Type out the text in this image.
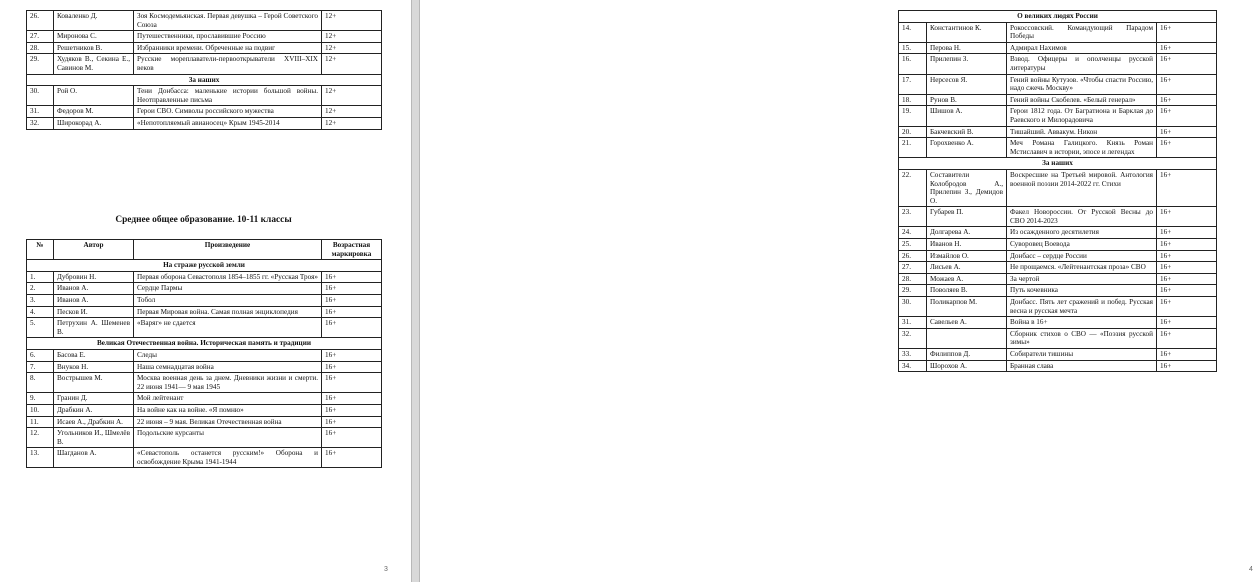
26.	Коваленко Д.	Зоя Космодемьянская. Первая девушка – Герой Советского Союза	12+
27.	Миронова С.	Путешественники, прославившие Россию	12+
28.	Решетников В.	Избранники времени. Обреченные на подвиг	12+
29.	Худяков В., Секина Е., Савинов М.	Русские мореплаватели-первооткрыватели XVIII–XIX веков	12+
За наших			
30.	Рой О.	Тени Донбасса: маленькие истории большой войны. Неотправленные письма	12+
31.	Федоров М.	Герои СВО. Символы российского мужества	12+
32.	Широкорад А.	«Непотопляемый авианосец» Крым 1945-2014	12+
Среднее общее образование. 10-11 классы
№	Автор	Произведение	Возрастная маркировка
На страже русской земли			
1.	Дубровин Н.	Первая оборона Севастополя 1854–1855 гг. «Русская Троя»	16+
2.	Иванов А.	Сердце Пармы	16+
3.	Иванов А.	Тобол	16+
4.	Песков И.	Первая Мировая война. Самая полная энциклопедия	16+
5.	Петрухин А. Шеменев В.	«Варяг» не сдается	16+
Великая Отечественная война. Историческая память и традиции			
6.	Басова Е.	Следы	16+
7.	Внуков Н.	Наша семнадцатая война	16+
8.	Вострышев М.	Москва военная день за днем. Дневники жизни и смерти. 22 июня 1941— 9 мая 1945	16+
9.	Гранин Д.	Мой лейтенант	16+
10.	Драбкин А.	На войне как на войне. «Я помню»	16+
11.	Исаев А., Драбкин А.	22 июня – 9 мая. Великая Отечественная война	16+
12.	Угольников И., Шмелёв В.	Подольские курсанты	16+
13.	Шагданов А.	«Севастополь останется русским!» Оборона и освобождение Крыма 1941-1944	16+
3
О великих людях России			
14.	Константинов К.	Рокоссовский. Командующий Парадом Победы	16+
15.	Перова Н.	Адмирал Нахимов	16+
16.	Прилепин З.	Взвод. Офицеры и ополченцы русской литературы	16+
17.	Нерсесов Я.	Гений войны Кутузов. «Чтобы спасти Россию, надо сжечь Москву»	16+
18.	Рунов В.	Гений войны Скобелев. «Белый генерал»	16+
19.	Шишов А.	Герои 1812 года. От Багратиона и Барклая до Раевского и Милорадовича	16+
20.	Бакчевский В.	Тишайший. Аввакум. Никон	16+
21.	Горохвенко А.	Меч Романа Галицкого. Князь Роман Мстиславич в истории, эпосе и легендах	16+
За наших			
22.	Составители Колобродов А., Прилепин З., Демидов О.	Воскресшие на Третьей мировой. Антология военной поэзии 2014-2022 гг. Стихи	16+
23.	Губарев П.	Факел Новороссии. От Русской Весны до СВО 2014-2023	16+
24.	Долгарева А.	Из осажденного десятилетия	16+
25.	Иванов Н.	Суворовец Воевода	16+
26.	Измайлов О.	Донбасс – сердце России	16+
27.	Лисьев А.	Не прощаемся. «Лейтенантская проза» СВО	16+
28.	Можаев А.	За чертой	16+
29.	Поволяев В.	Путь кочевника	16+
30.	Поликарпов М.	Донбасс. Пять лет сражений и побед. Русская весна и русская мечта	16+
31.	Савельев А.	Война в 16+	16+
32.		Сборник стихов о СВО — «Поэзия русской зимы»	16+
33.	Филиппов Д.	Собиратели тишины	16+
34.	Шорохов А.	Бранная слава	16+
4
